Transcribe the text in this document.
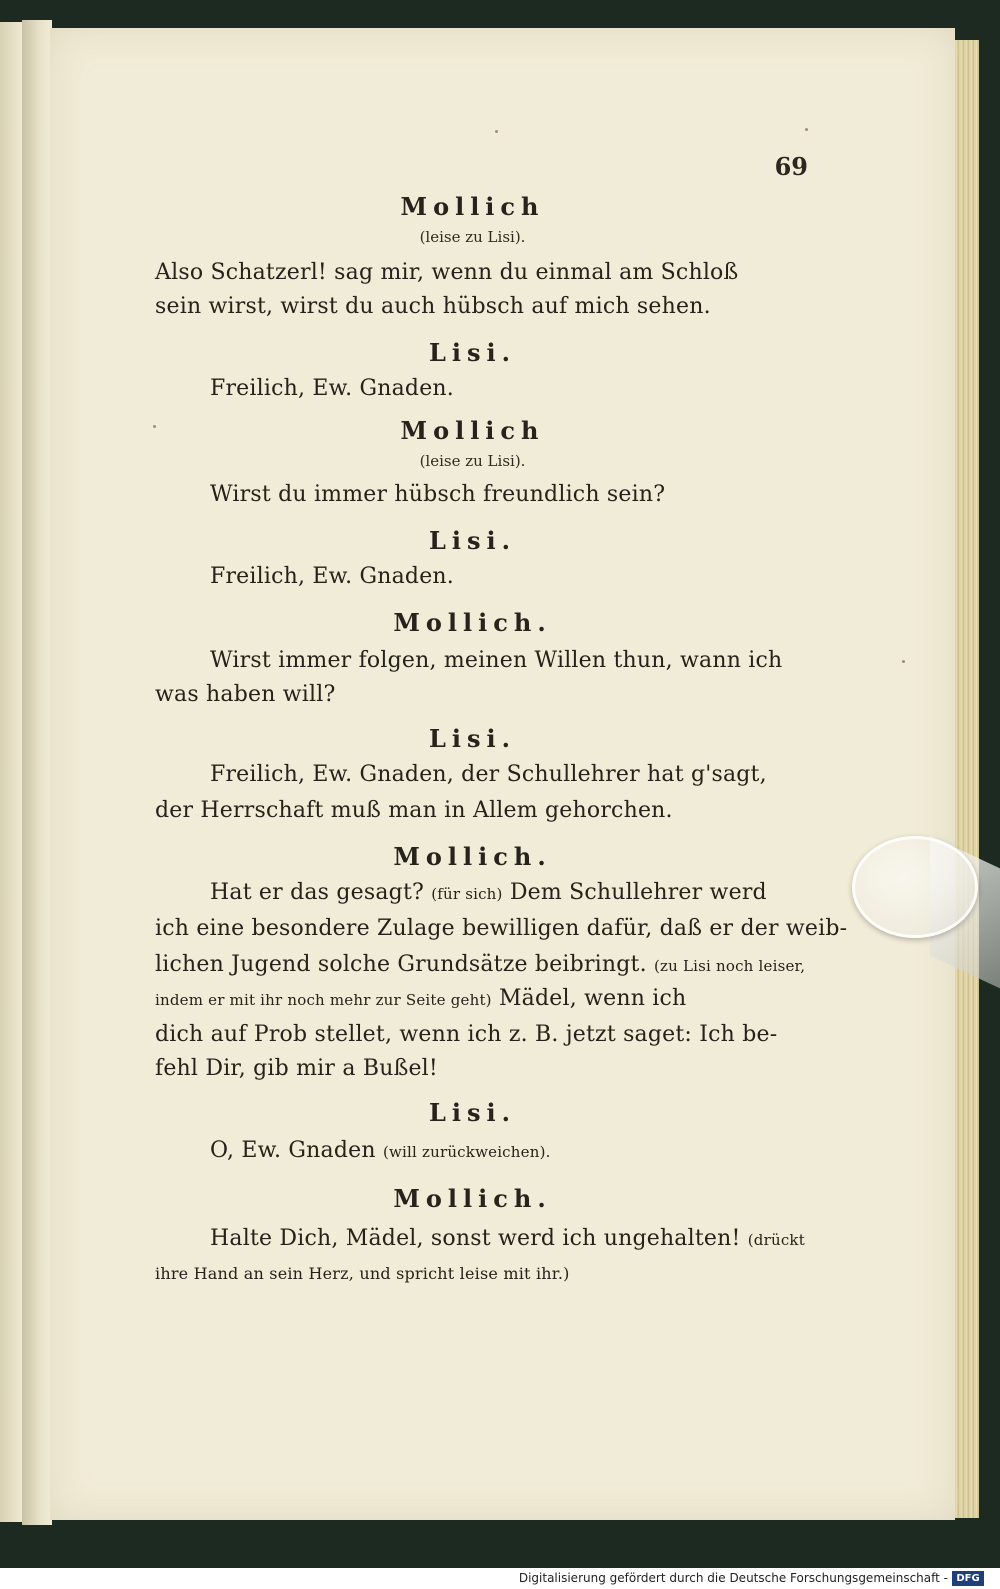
69
Mollich
(leise zu Lisi).
Also Schatzerl! sag mir, wenn du einmal am Schloß
sein wirst, wirst du auch hübsch auf mich sehen.
Lisi.
Freilich, Ew. Gnaden.
Mollich
(leise zu Lisi).
Wirst du immer hübsch freundlich sein?
Lisi.
Freilich, Ew. Gnaden.
Mollich.
Wirst immer folgen, meinen Willen thun, wann ich
was haben will?
Lisi.
Freilich, Ew. Gnaden, der Schullehrer hat g'sagt,
der Herrschaft muß man in Allem gehorchen.
Mollich.
Hat er das gesagt? (für sich) Dem Schullehrer werd
ich eine besondere Zulage bewilligen dafür, daß er der weib-
lichen Jugend solche Grundsätze beibringt. (zu Lisi noch leiser,
indem er mit ihr noch mehr zur Seite geht) Mädel, wenn ich
dich auf Prob stellet, wenn ich z. B. jetzt saget: Ich be-
fehl Dir, gib mir a Bußel!
Lisi.
O, Ew. Gnaden (will zurückweichen).
Mollich.
Halte Dich, Mädel, sonst werd ich ungehalten! (drückt
ihre Hand an sein Herz, und spricht leise mit ihr.)
Digitalisierung gefördert durch die Deutsche Forschungsgemeinschaft - DFG
